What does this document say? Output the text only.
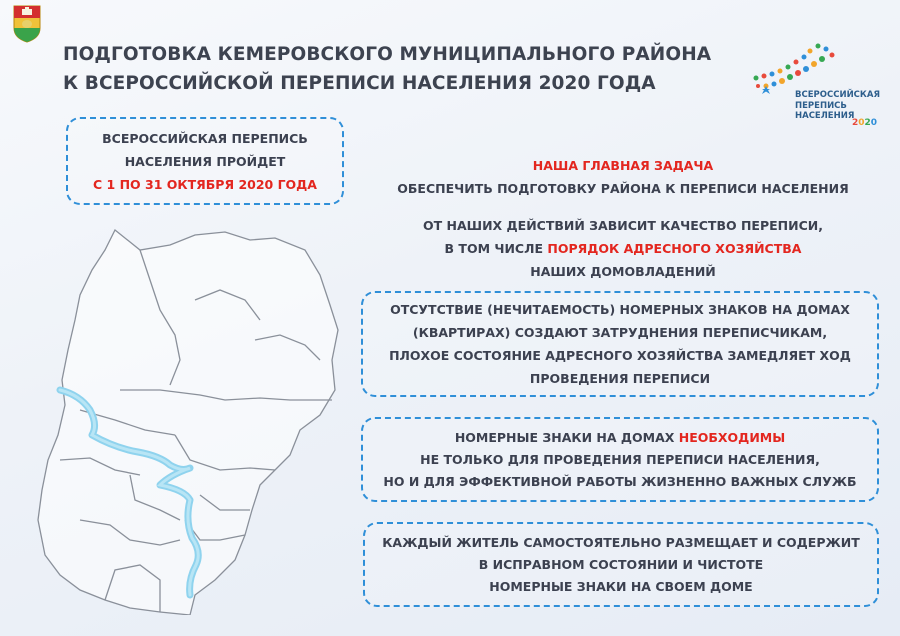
ПОДГОТОВКА КЕМЕРОВСКОГО МУНИЦИПАЛЬНОГО РАЙОНА
К ВСЕРОССИЙСКОЙ ПЕРЕПИСИ НАСЕЛЕНИЯ 2020 ГОДА
ВСЕРОССИЙСКАЯ
ПЕРЕПИСЬ
НАСЕЛЕНИЯ
2020
ВСЕРОССИЙСКАЯ ПЕРЕПИСЬ
НАСЕЛЕНИЯ ПРОЙДЕТ
С 1 ПО 31 ОКТЯБРЯ 2020 ГОДА
НАША ГЛАВНАЯ ЗАДАЧА
ОБЕСПЕЧИТЬ ПОДГОТОВКУ РАЙОНА К ПЕРЕПИСИ НАСЕЛЕНИЯ
ОТ НАШИХ ДЕЙСТВИЙ ЗАВИСИТ КАЧЕСТВО ПЕРЕПИСИ,
В ТОМ ЧИСЛЕ ПОРЯДОК АДРЕСНОГО ХОЗЯЙСТВА
НАШИХ ДОМОВЛАДЕНИЙ
ОТСУТСТВИЕ (НЕЧИТАЕМОСТЬ) НОМЕРНЫХ ЗНАКОВ НА ДОМАХ
(КВАРТИРАХ) СОЗДАЮТ ЗАТРУДНЕНИЯ ПЕРЕПИСЧИКАМ,
ПЛОХОЕ СОСТОЯНИЕ АДРЕСНОГО ХОЗЯЙСТВА ЗАМЕДЛЯЕТ ХОД
ПРОВЕДЕНИЯ ПЕРЕПИСИ
НОМЕРНЫЕ ЗНАКИ НА ДОМАХ НЕОБХОДИМЫ
НЕ ТОЛЬКО ДЛЯ ПРОВЕДЕНИЯ ПЕРЕПИСИ НАСЕЛЕНИЯ,
НО И ДЛЯ ЭФФЕКТИВНОЙ РАБОТЫ ЖИЗНЕННО ВАЖНЫХ СЛУЖБ
КАЖДЫЙ ЖИТЕЛЬ САМОСТОЯТЕЛЬНО РАЗМЕЩАЕТ И СОДЕРЖИТ
В ИСПРАВНОМ СОСТОЯНИИ И ЧИСТОТЕ
НОМЕРНЫЕ ЗНАКИ НА СВОЕМ ДОМЕ
